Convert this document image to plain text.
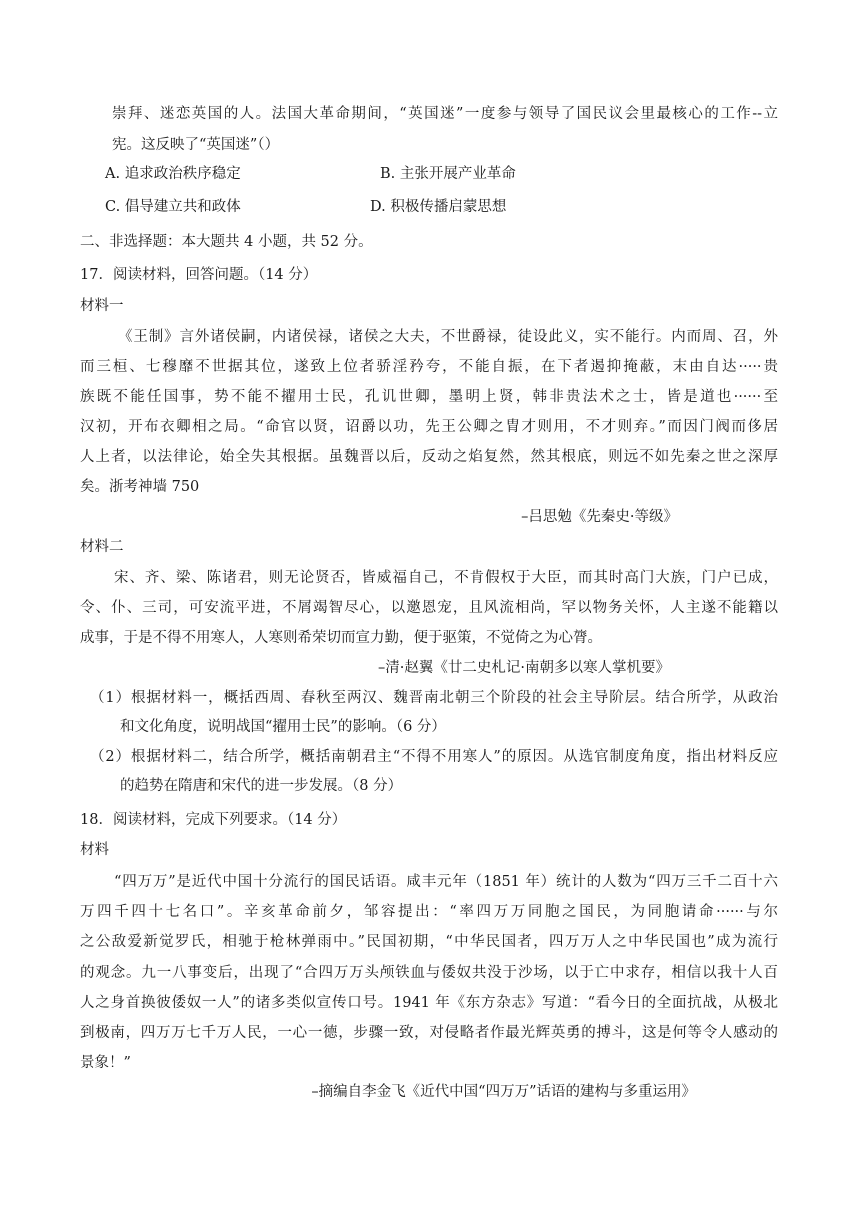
崇拜、迷恋英国的人。法国大革命期间，“英国迷”一度参与领导了国民议会里最核心的工作--立
宪。这反映了“英国迷”（）
A. 追求政治秩序稳定	B. 主张开展产业革命
C. 倡导建立共和政体	D. 积极传播启蒙思想
二、非选择题：本大题共 4 小题，共 52 分。
17．阅读材料，回答问题。（14 分）
材料一
《王制》言外诸侯嗣，内诸侯禄，诸侯之大夫，不世爵禄，徒设此义，实不能行。内而周、召，外
而三桓、七穆靡不世据其位，遂致上位者骄淫矜夸，不能自振，在下者遏抑掩蔽，末由自达·····贵
族既不能任国事，势不能不擢用士民，孔讥世卿，墨明上贤，韩非贵法术之士，皆是道也······至
汉初，开布衣卿相之局。“命官以贤，诏爵以功，先王公卿之胄才则用，不才则弃。”而因门阀而侈居
人上者，以法律论，始全失其根据。虽魏晋以后，反动之焰复然，然其根底，则远不如先秦之世之深厚
矣。浙考神墙 750
–吕思勉《先秦史·等级》
材料二
宋、齐、梁、陈诸君，则无论贤否，皆威福自己，不肯假权于大臣，而其时高门大族，门户已成，
令、仆、三司，可安流平进，不屑竭智尽心，以邀恩宠，且风流相尚，罕以物务关怀，人主遂不能籍以
成事，于是不得不用寒人，人寒则希荣切而宣力勤，便于驱策，不觉倚之为心膂。
–清·赵翼《廿二史札记·南朝多以寒人掌机要》
（1）根据材料一，概括西周、春秋至两汉、魏晋南北朝三个阶段的社会主导阶层。结合所学，从政治
和文化角度，说明战国“擢用士民”的影响。（6 分）
（2）根据材料二，结合所学，概括南朝君主“不得不用寒人”的原因。从选官制度角度，指出材料反应
的趋势在隋唐和宋代的进一步发展。（8 分）
18．阅读材料，完成下列要求。（14 分）
材料
“四万万”是近代中国十分流行的国民话语。咸丰元年（1851 年）统计的人数为“四万三千二百十六
万四千四十七名口”。辛亥革命前夕，邹容提出：“率四万万同胞之国民，为同胞请命······与尔
之公敌爱新觉罗氏，相驰于枪林弹雨中。”民国初期，“中华民国者，四万万人之中华民国也”成为流行
的观念。九一八事变后，出现了“合四万万头颅铁血与倭奴共没于沙场，以于亡中求存，相信以我十人百
人之身首换彼倭奴一人”的诸多类似宣传口号。1941 年《东方杂志》写道：“看今日的全面抗战，从极北
到极南，四万万七千万人民，一心一德，步骤一致，对侵略者作最光辉英勇的搏斗，这是何等令人感动的
景象！”
–摘编自李金飞《近代中国“四万万”话语的建构与多重运用》
